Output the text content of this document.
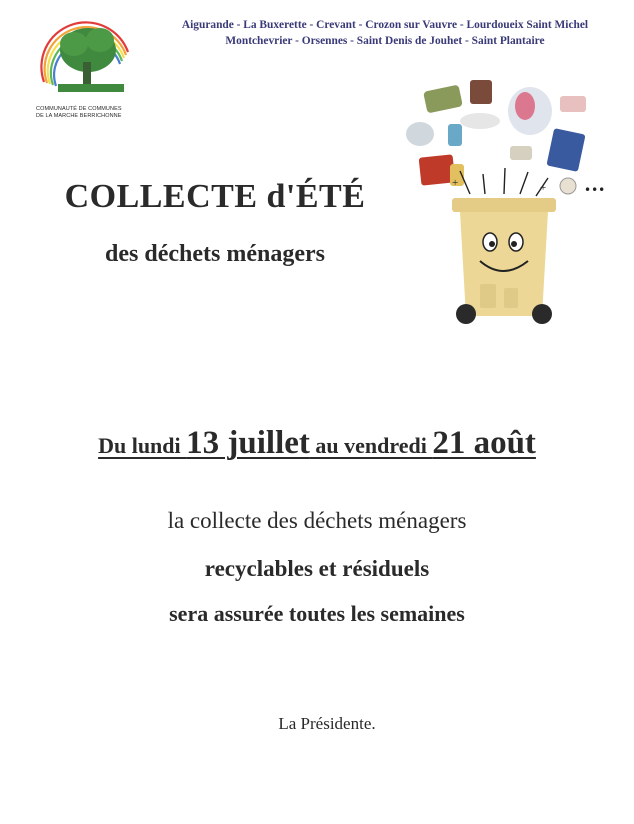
COMMUNAUTÉ DE COMMUNES
DE LA MARCHE BERRICHONNE
Aigurande - La Buxerette - Crevant - Crozon sur Vauvre - Lourdoueix Saint Michel
Montchevrier - Orsennes - Saint Denis de Jouhet - Saint Plantaire
•••
+	+
COLLECTE d'ÉTÉ
des déchets ménagers
Du lundi 13 juillet au vendredi 21 août
la collecte des déchets ménagers
recyclables et résiduels
sera assurée toutes les semaines
La Présidente.
